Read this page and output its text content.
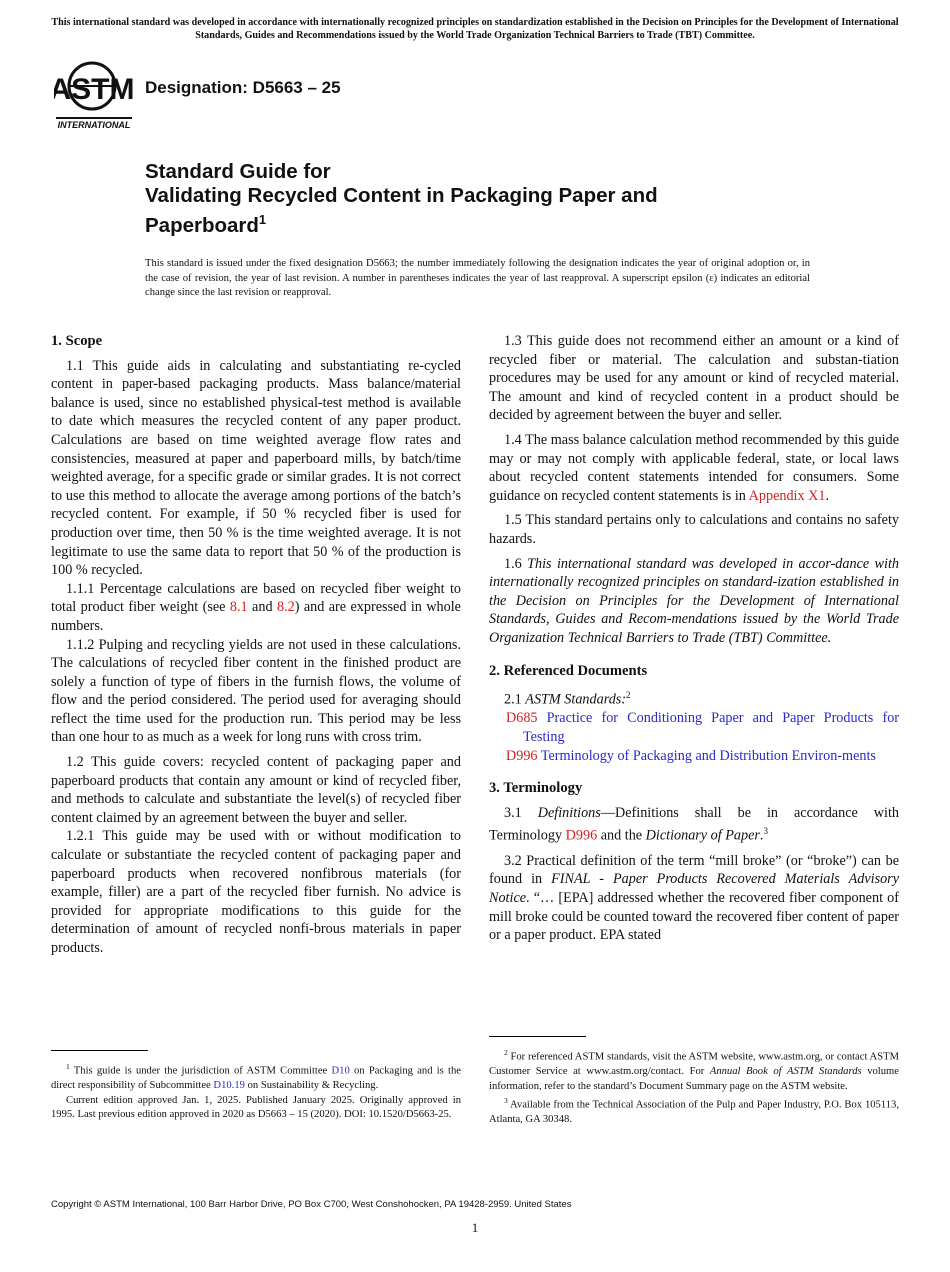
This international standard was developed in accordance with internationally recognized principles on standardization established in the Decision on Principles for the Development of International Standards, Guides and Recommendations issued by the World Trade Organization Technical Barriers to Trade (TBT) Committee.
ASTM
INTERNATIONAL
Designation: D5663 – 25
Standard Guide for
Validating Recycled Content in Packaging Paper and
Paperboard$^1$
This standard is issued under the fixed designation D5663; the number immediately following the designation indicates the year of original adoption or, in the case of revision, the year of last revision. A number in parentheses indicates the year of last reapproval. A superscript epsilon (ε) indicates an editorial change since the last revision or reapproval.
1. Scope

1.1 This guide aids in calculating and substantiating re-cycled content in paper-based packaging products. Mass balance/material balance is used, since no established physical-test method is available to date which measures the recycled content of any paper product. Calculations are based on time weighted average flow rates and consistencies, measured at paper and paperboard mills, by batch/time weighted average, for a specific grade or similar grades. It is not correct to use this method to allocate the average among portions of the batch’s recycled content. For example, if 50 % recycled fiber is used for production over time, then 50 % is the time weighted average. It is not legitimate to use the same data to report that 50 % of the production is 100 % recycled.

1.1.1 Percentage calculations are based on recycled fiber weight to total product fiber weight (see 8.1 and 8.2) and are expressed in whole numbers.

1.1.2 Pulping and recycling yields are not used in these calculations. The calculations of recycled fiber content in the finished product are solely a function of type of fibers in the furnish flows, the volume of flow and the period considered. The period used for averaging should reflect the time used for the production run. This period may be less than one hour to as much as a week for long runs with cross trim.

1.2 This guide covers: recycled content of packaging paper and paperboard products that contain any amount or kind of recycled fiber, and methods to calculate and substantiate the level(s) of recycled fiber content claimed by an agreement between the buyer and seller.

1.2.1 This guide may be used with or without modification to calculate or substantiate the recycled content of packaging paper and paperboard products when recovered nonfibrous materials (for example, filler) are a part of the recycled fiber furnish. No advice is provided for appropriate modifications to this guide for the determination of amount of recycled nonfi-brous materials in paper products.

1.3 This guide does not recommend either an amount or a kind of recycled fiber or material. The calculation and substan-tiation procedures may be used for any amount or kind of recycled material. The amount and kind of recycled content in a product should be decided by agreement between the buyer and seller.

1.4 The mass balance calculation method recommended by this guide may or may not comply with applicable federal, state, or local laws about recycled content statements intended for consumers. Some guidance on recycled content statements is in Appendix X1.

1.5 This standard pertains only to calculations and contains no safety hazards.

1.6 This international standard was developed in accor-dance with internationally recognized principles on standard-ization established in the Decision on Principles for the Development of International Standards, Guides and Recom-mendations issued by the World Trade Organization Technical Barriers to Trade (TBT) Committee.

2. Referenced Documents

2.1 ASTM Standards:$^2$

D685 Practice for Conditioning Paper and Paper Products for Testing
D996 Terminology of Packaging and Distribution Environ-ments
3. Terminology

3.1 Definitions—Definitions shall be in accordance with Terminology D996 and the Dictionary of Paper.$^3$

3.2 Practical definition of the term “mill broke” (or “broke”) can be found in FINAL - Paper Products Recovered Materials Advisory Notice. “… [EPA] addressed whether the recovered fiber component of mill broke could be counted toward the recovered fiber content of paper or a paper product. EPA stated

$^1$ This guide is under the jurisdiction of ASTM Committee D10 on Packaging and is the direct responsibility of Subcommittee D10.19 on Sustainability & Recycling.

Current edition approved Jan. 1, 2025. Published January 2025. Originally approved in 1995. Last previous edition approved in 2020 as D5663 – 15 (2020). DOI: 10.1520/D5663-25.

$^2$ For referenced ASTM standards, visit the ASTM website, www.astm.org, or contact ASTM Customer Service at www.astm.org/contact. For Annual Book of ASTM Standards volume information, refer to the standard’s Document Summary page on the ASTM website.

$^3$ Available from the Technical Association of the Pulp and Paper Industry, P.O. Box 105113, Atlanta, GA 30348.

Copyright © ASTM International, 100 Barr Harbor Drive, PO Box C700, West Conshohocken, PA 19428-2959. United States
1
